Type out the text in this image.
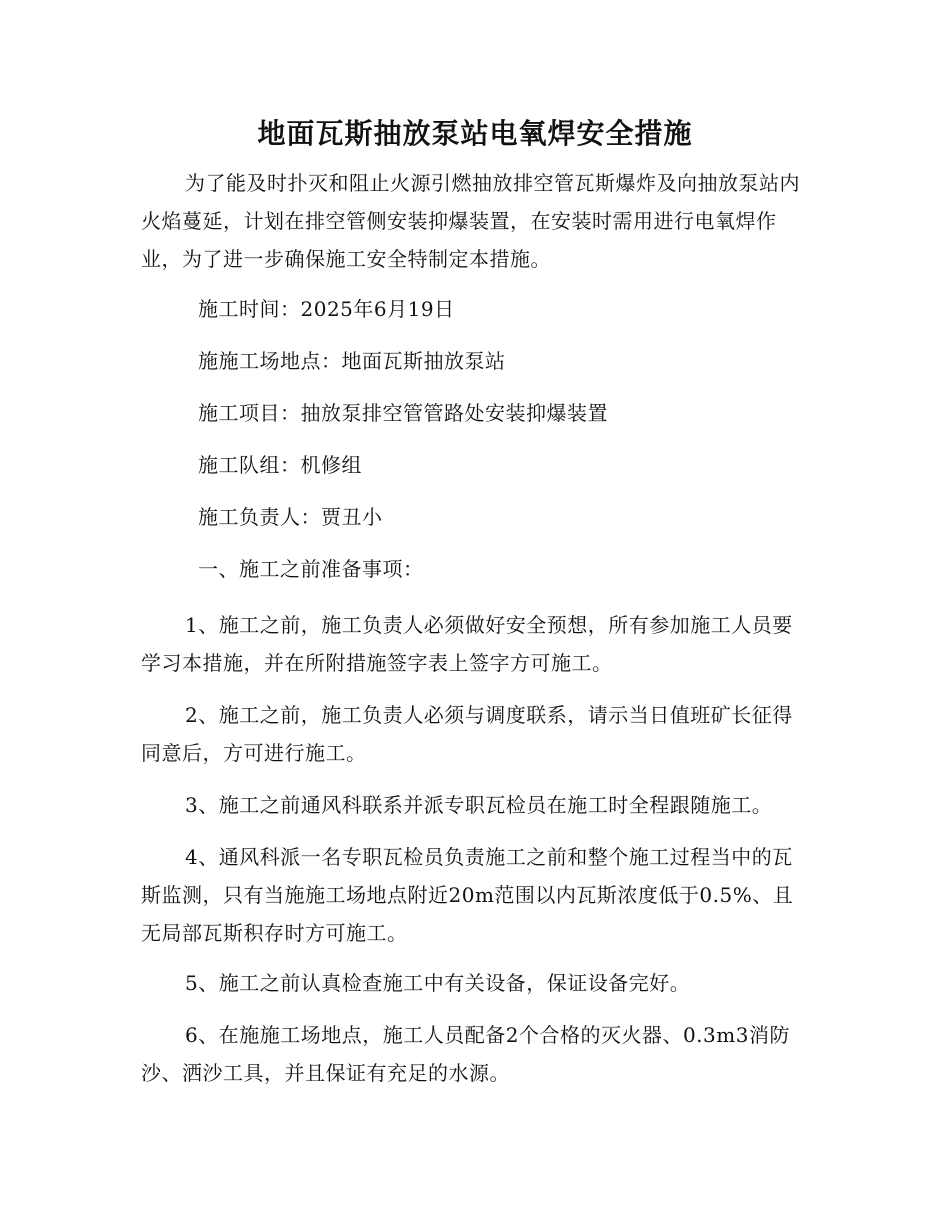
地面瓦斯抽放泵站电氧焊安全措施

为了能及时扑灭和阻止火源引燃抽放排空管瓦斯爆炸及向抽放泵站内火焰蔓延，计划在排空管侧安装抑爆装置，在安装时需用进行电氧焊作业，为了进一步确保施工安全特制定本措施。

施工时间：2025年6月19日

施施工场地点：地面瓦斯抽放泵站

施工项目：抽放泵排空管管路处安装抑爆装置

施工队组：机修组

施工负责人：贾丑小

一、施工之前准备事项：

1、施工之前，施工负责人必须做好安全预想，所有参加施工人员要学习本措施，并在所附措施签字表上签字方可施工。

2、施工之前，施工负责人必须与调度联系，请示当日值班矿长征得同意后，方可进行施工。

3、施工之前通风科联系并派专职瓦检员在施工时全程跟随施工。

4、通风科派一名专职瓦检员负责施工之前和整个施工过程当中的瓦斯监测，只有当施施工场地点附近20m范围以内瓦斯浓度低于0.5%、且无局部瓦斯积存时方可施工。

5、施工之前认真检查施工中有关设备，保证设备完好。

6、在施施工场地点，施工人员配备2个合格的灭火器、0.3m3消防沙、洒沙工具，并且保证有充足的水源。
